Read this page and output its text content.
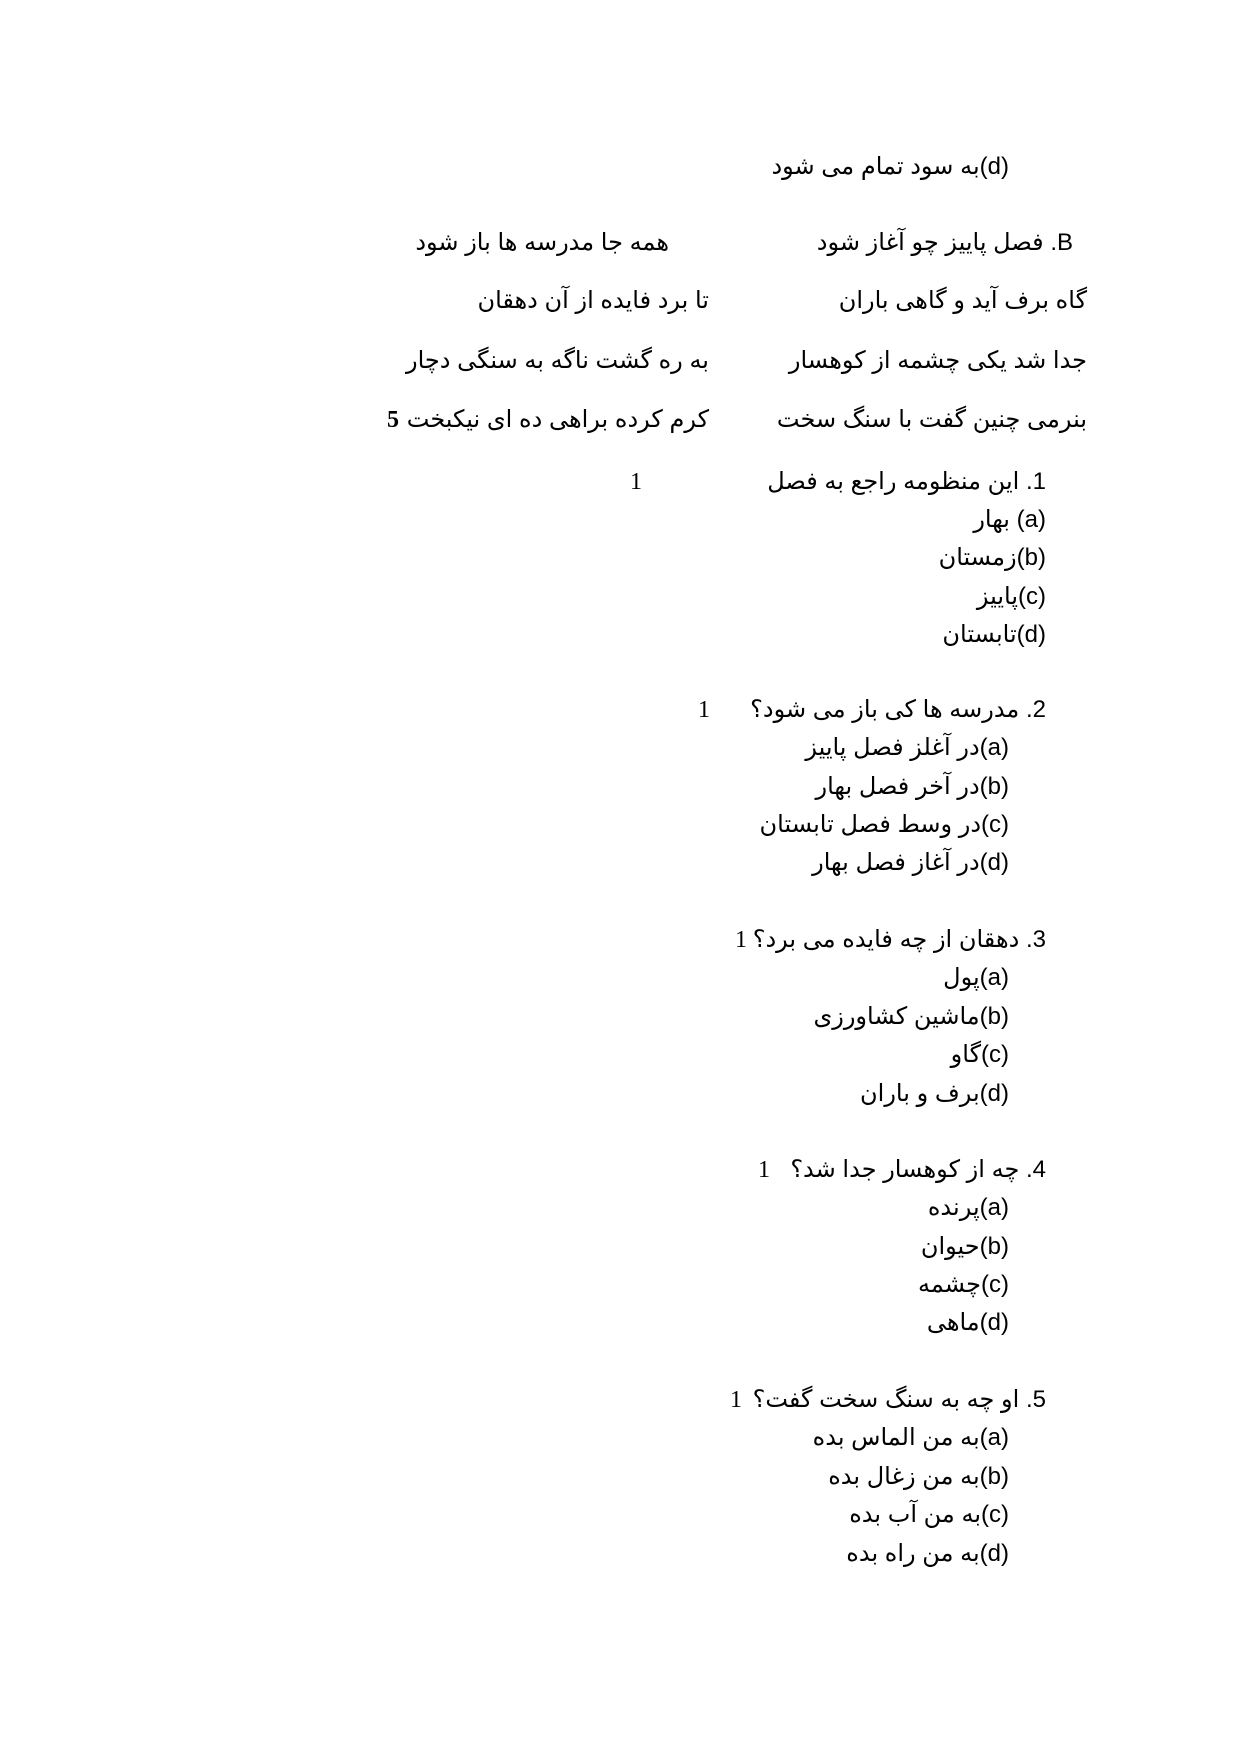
(d)به سود تمام می شود
B. فصل پاییز چو آغاز شود
همه جا مدرسه ها باز شود
گاه برف آید و گاهی باران
تا برد فایده از آن دهقان
جدا شد یکی چشمه از کوهسار
به ره گشت ناگه به سنگی دچار
بنرمی چنین گفت با سنگ سخت
کرم کرده براهی ده ای نیکبخت
5
1. این منظومه راجع به فصل
1
(a) بهار
(b)زمستان
(c)پاییز
(d)تابستان
2. مدرسه ها کی باز می شود؟
1
(a)در آغلز فصل پاییز
(b)در آخر فصل بهار
(c)در وسط فصل تابستان
(d)در آغاز فصل بهار
3. دهقان از چه فایده می برد؟
1
(a)پول
(b)ماشین کشاورزی
(c)گاو
(d)برف و باران
4. چه از کوهسار جدا شد؟
1
(a)پرنده
(b)حیوان
(c)چشمه
(d)ماهی
5. او چه به سنگ سخت گفت؟
1
(a)به من الماس بده
(b)به من زغال بده
(c)به من آب بده
(d)به من راه بده
